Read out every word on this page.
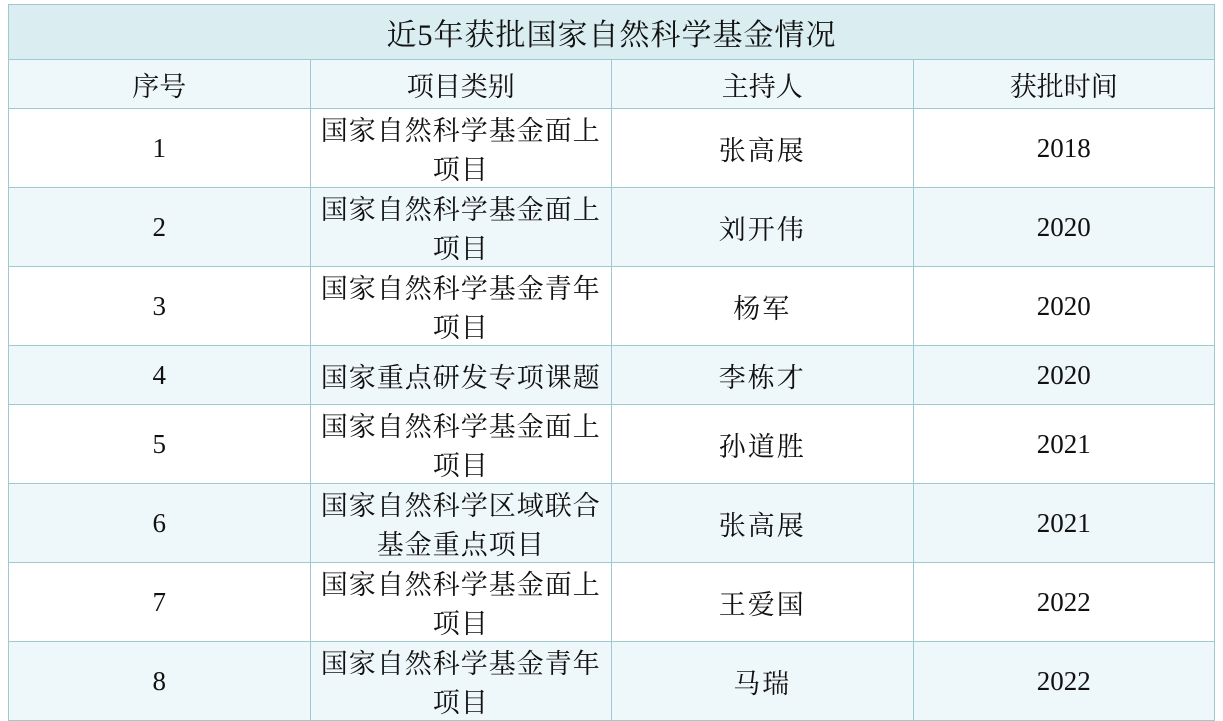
近5年获批国家自然科学基金情况			
序号	项目类别	主持人	获批时间
1	国家自然科学基金面上项目	张高展	2018
2	国家自然科学基金面上项目	刘开伟	2020
3	国家自然科学基金青年项目	杨军	2020
4	国家重点研发专项课题	李栋才	2020
5	国家自然科学基金面上项目	孙道胜	2021
6	国家自然科学区域联合基金重点项目	张高展	2021
7	国家自然科学基金面上项目	王爱国	2022
8	国家自然科学基金青年项目	马瑞	2022
